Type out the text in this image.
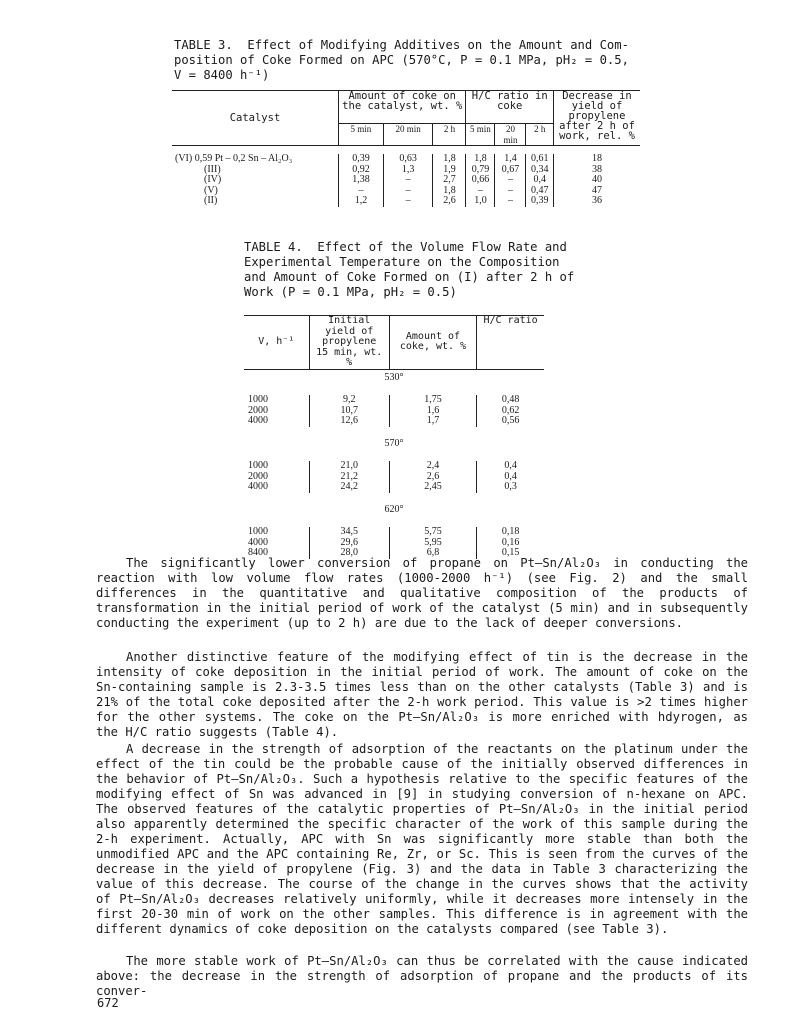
TABLE 3.  Effect of Modifying Additives on the Amount and Com-
position of Coke Formed on APC (570°C, P = 0.1 MPa, pH₂ = 0.5,
V = 8400 h⁻¹)
Catalyst	Amount of coke on the catalyst, wt. %			H/C ratio in coke			Decrease in yield of propylene after 2 h of work, rel. %
	5 min	20 min	2 h	5 min	20 min	2 h	

(VI) 0,59 Pt – 0,2 Sn – Al₂O₃	0,39	0,63	1,8	1,8	1,4	0,61	18
(III)	0,92	1,3	1,9	0,79	0,67	0,34	38
(IV)	1,38	–	2,7	0,66	–	0,4	40
(V)	–	–	1,8	–	–	0,47	47
(II)	1,2	–	2,6	1,0	–	0,39	36
TABLE 4.  Effect of the Volume Flow Rate and
Experimental Temperature on the Composition
and Amount of Coke Formed on (I) after 2 h of
Work (P = 0.1 MPa, pH₂ = 0.5)
V, h⁻¹	Initial yield of propylene 15 min, wt. %	Amount of coke, wt. %	H/C ratio
530°			
1000	9,2	1,75	0,48
2000	10,7	1,6	0,62
4000	12,6	1,7	0,56
570°			
1000	21,0	2,4	0,4
2000	21,2	2,6	0,4
4000	24,2	2,45	0,3
620°			
1000	34,5	5,75	0,18
4000	29,6	5,95	0,16
8400	28,0	6,8	0,15

The significantly lower conversion of propane on Pt–Sn/Al₂O₃ in conducting the reaction with low volume flow rates (1000-2000 h⁻¹) (see Fig. 2) and the small differences in the quantitative and qualitative composition of the products of transformation in the initial period of work of the catalyst (5 min) and in subsequently conducting the experiment (up to 2 h) are due to the lack of deeper conversions.

Another distinctive feature of the modifying effect of tin is the decrease in the intensity of coke deposition in the initial period of work. The amount of coke on the Sn-containing sample is 2.3-3.5 times less than on the other catalysts (Table 3) and is 21% of the total coke deposited after the 2-h work period. This value is >2 times higher for the other systems. The coke on the Pt–Sn/Al₂O₃ is more enriched with hdyrogen, as the H/C ratio suggests (Table 4).

A decrease in the strength of adsorption of the reactants on the platinum under the effect of the tin could be the probable cause of the initially observed differences in the behavior of Pt–Sn/Al₂O₃. Such a hypothesis relative to the specific features of the modifying effect of Sn was advanced in [9] in studying conversion of n-hexane on APC. The observed features of the catalytic properties of Pt–Sn/Al₂O₃ in the initial period also apparently determined the specific character of the work of this sample during the 2-h experiment. Actually, APC with Sn was significantly more stable than both the unmodified APC and the APC containing Re, Zr, or Sc. This is seen from the curves of the decrease in the yield of propylene (Fig. 3) and the data in Table 3 characterizing the value of this decrease. The course of the change in the curves shows that the activity of Pt–Sn/Al₂O₃ decreases relatively uniformly, while it decreases more intensely in the first 20-30 min of work on the other samples. This difference is in agreement with the different dynamics of coke deposition on the catalysts compared (see Table 3).

The more stable work of Pt–Sn/Al₂O₃ can thus be correlated with the cause indicated above: the decrease in the strength of adsorption of propane and the products of its conver-

672
